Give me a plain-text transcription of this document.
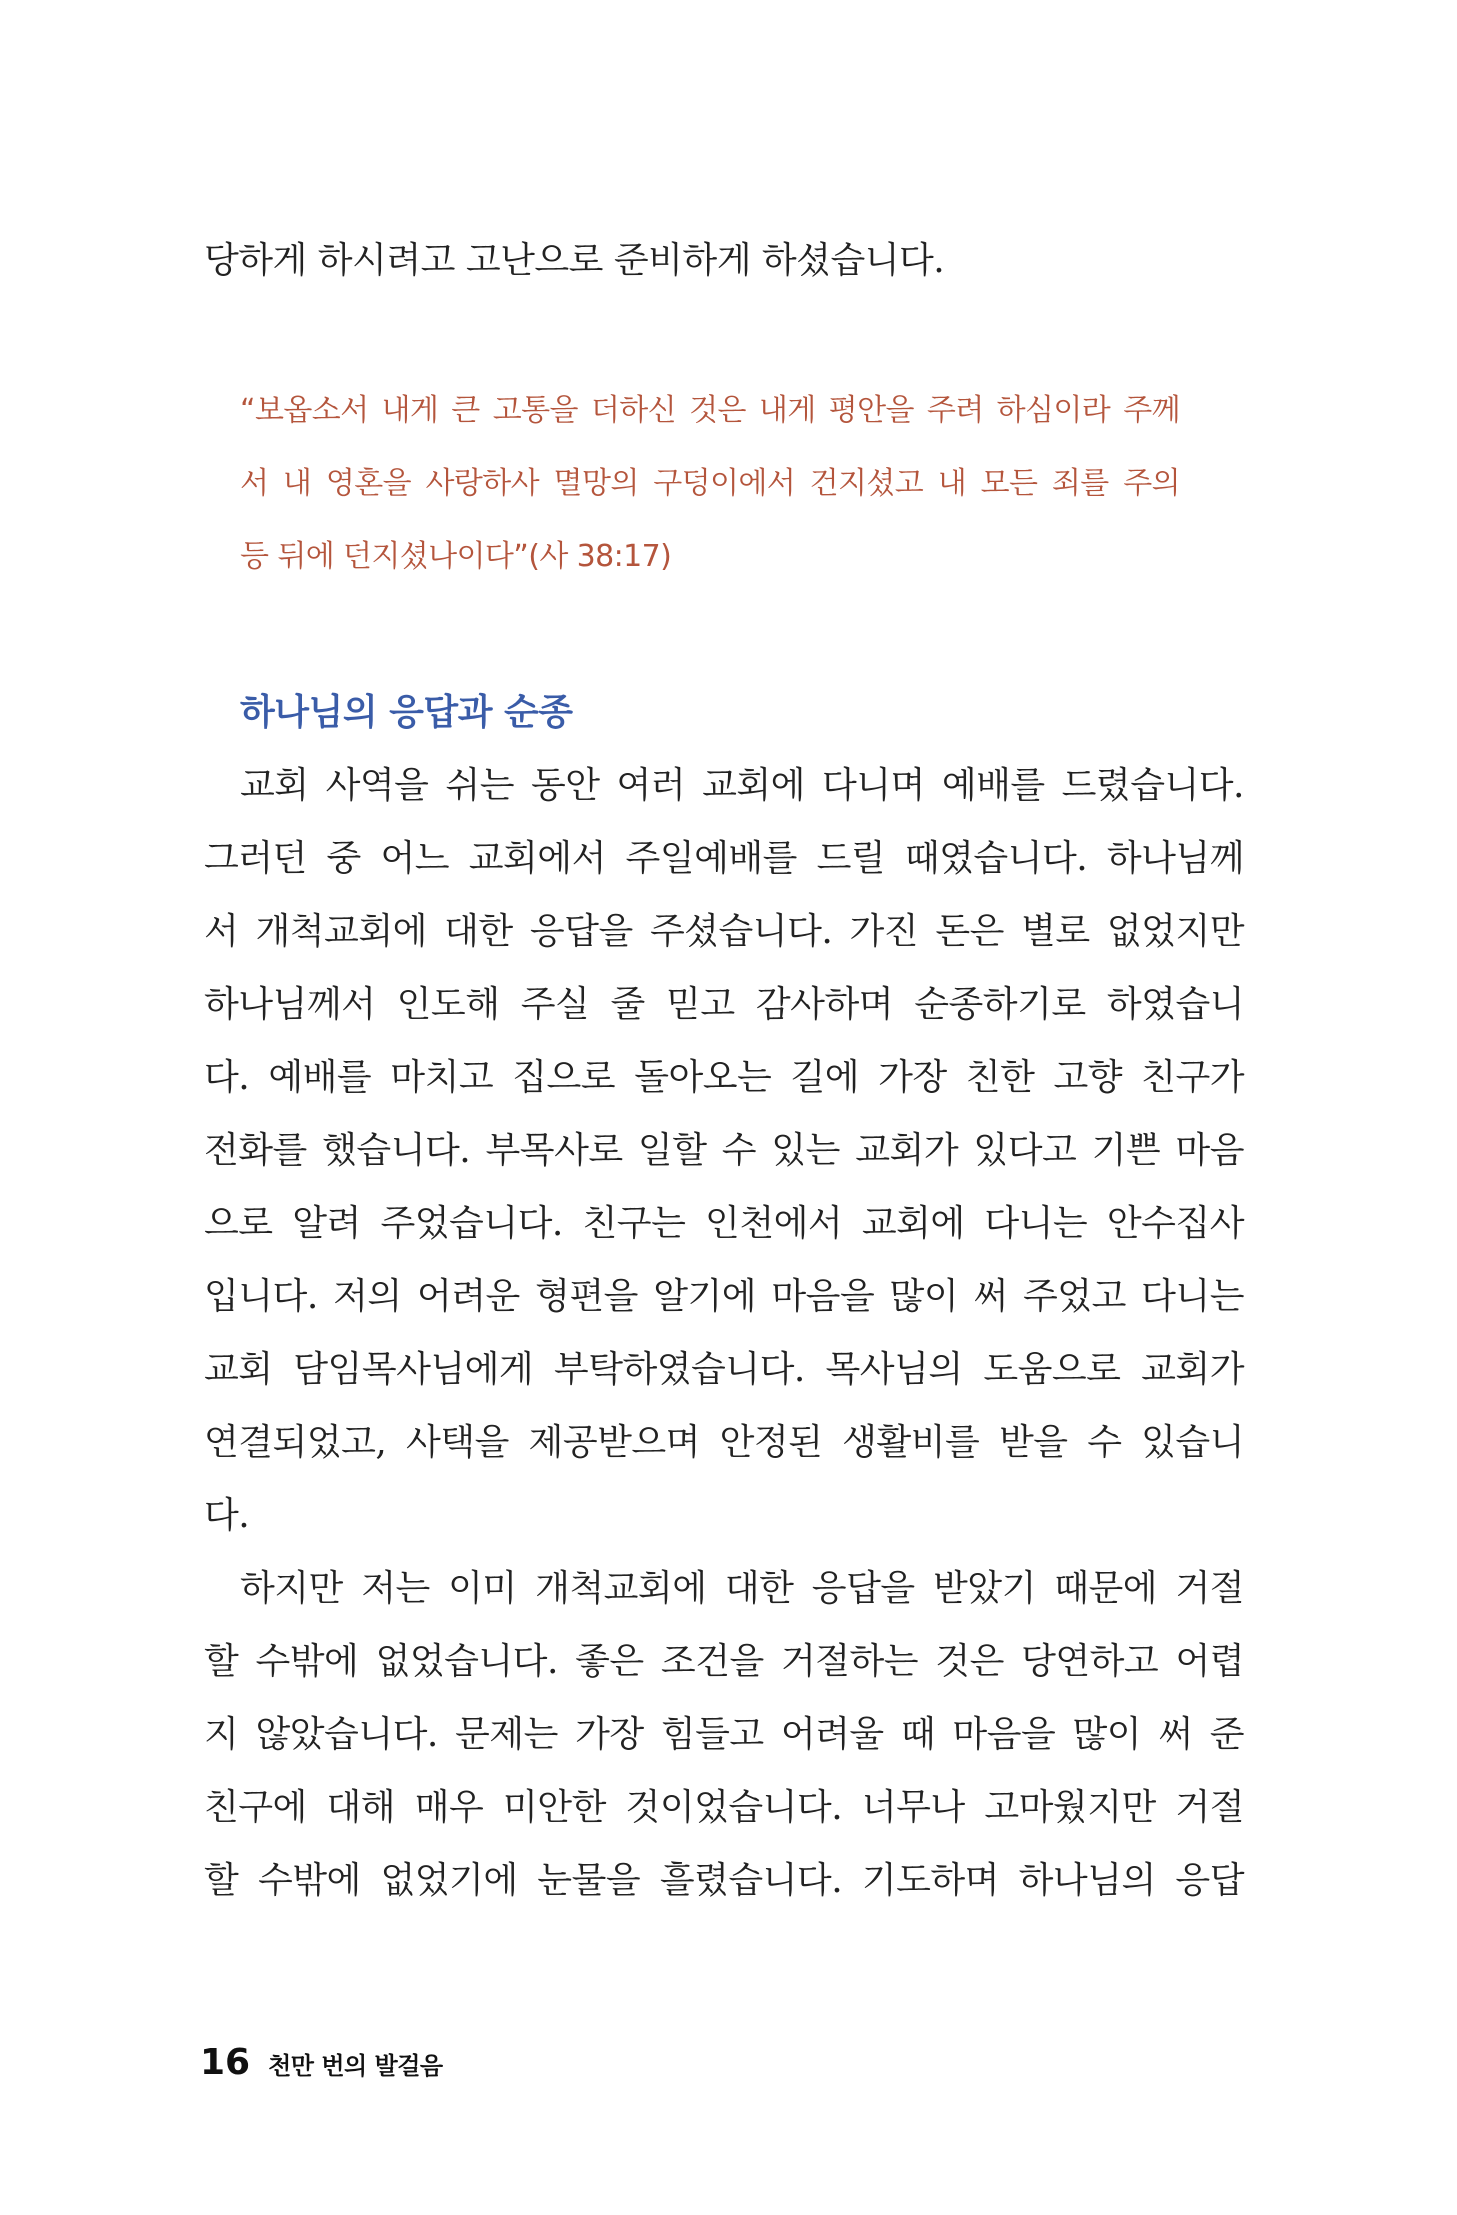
당하게 하시려고 고난으로 준비하게 하셨습니다.
“보옵소서 내게 큰 고통을 더하신 것은 내게 평안을 주려 하심이라 주께
서 내 영혼을 사랑하사 멸망의 구덩이에서 건지셨고 내 모든 죄를 주의
등 뒤에 던지셨나이다”(사 38:17)
하나님의 응답과 순종
교회 사역을 쉬는 동안 여러 교회에 다니며 예배를 드렸습니다.
그러던 중 어느 교회에서 주일예배를 드릴 때였습니다. 하나님께
서 개척교회에 대한 응답을 주셨습니다. 가진 돈은 별로 없었지만
하나님께서 인도해 주실 줄 믿고 감사하며 순종하기로 하였습니
다. 예배를 마치고 집으로 돌아오는 길에 가장 친한 고향 친구가
전화를 했습니다. 부목사로 일할 수 있는 교회가 있다고 기쁜 마음
으로 알려 주었습니다. 친구는 인천에서 교회에 다니는 안수집사
입니다. 저의 어려운 형편을 알기에 마음을 많이 써 주었고 다니는
교회 담임목사님에게 부탁하였습니다. 목사님의 도움으로 교회가
연결되었고, 사택을 제공받으며 안정된 생활비를 받을 수 있습니
다.
하지만 저는 이미 개척교회에 대한 응답을 받았기 때문에 거절
할 수밖에 없었습니다. 좋은 조건을 거절하는 것은 당연하고 어렵
지 않았습니다. 문제는 가장 힘들고 어려울 때 마음을 많이 써 준
친구에 대해 매우 미안한 것이었습니다. 너무나 고마웠지만 거절
할 수밖에 없었기에 눈물을 흘렸습니다. 기도하며 하나님의 응답
16 천만 번의 발걸음
